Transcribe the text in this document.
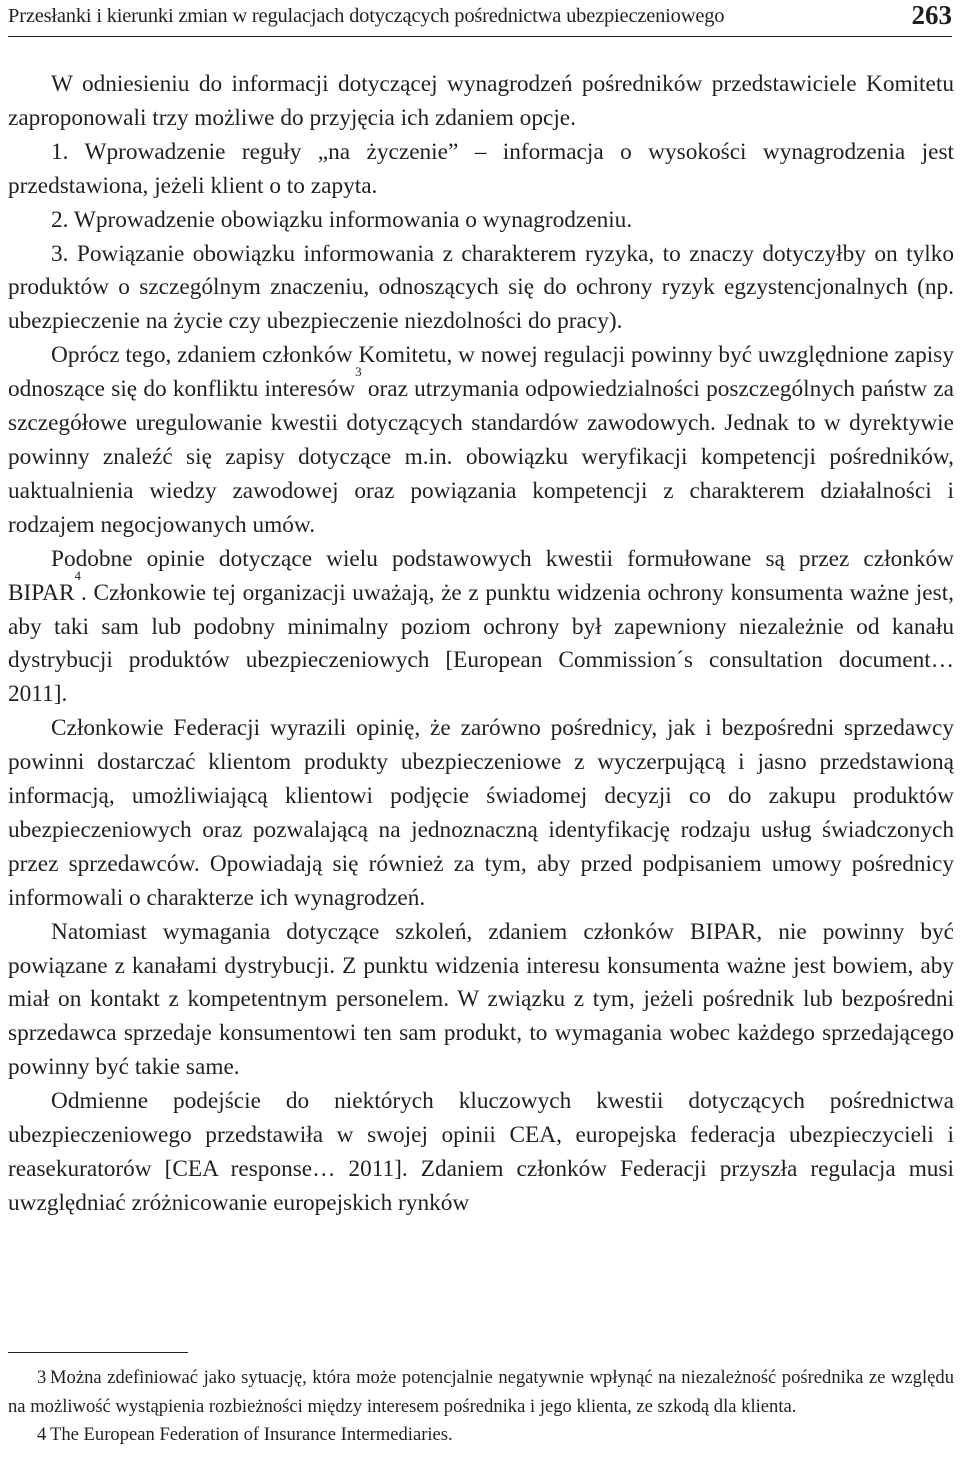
Przesłanki i kierunki zmian w regulacjach dotyczących pośrednictwa ubezpieczeniowego	263

W odniesieniu do informacji dotyczącej wynagrodzeń pośredników przedstawiciele Komitetu zaproponowali trzy możliwe do przyjęcia ich zdaniem opcje.

1. Wprowadzenie reguły „na życzenie” – informacja o wysokości wynagrodzenia jest przedstawiona, jeżeli klient o to zapyta.

2. Wprowadzenie obowiązku informowania o wynagrodzeniu.

3. Powiązanie obowiązku informowania z charakterem ryzyka, to znaczy dotyczyłby on tylko produktów o szczególnym znaczeniu, odnoszących się do ochrony ryzyk egzystencjonalnych (np. ubezpieczenie na życie czy ubezpieczenie niezdolności do pracy).

Oprócz tego, zdaniem członków Komitetu, w nowej regulacji powinny być uwzględnione zapisy odnoszące się do konfliktu interesów$^3$ oraz utrzymania odpowiedzialności poszczególnych państw za szczegółowe uregulowanie kwestii dotyczących standardów zawodowych. Jednak to w dyrektywie powinny znaleźć się zapisy dotyczące m.in. obowiązku weryfikacji kompetencji pośredników, uaktualnienia wiedzy zawodowej oraz powiązania kompetencji z charakterem działalności i rodzajem negocjowanych umów.

Podobne opinie dotyczące wielu podstawowych kwestii formułowane są przez członków BIPAR$^4$. Członkowie tej organizacji uważają, że z punktu widzenia ochrony konsumenta ważne jest, aby taki sam lub podobny minimalny poziom ochrony był zapewniony niezależnie od kanału dystrybucji produktów ubezpieczeniowych [European Commission´s consultation document… 2011].

Członkowie Federacji wyrazili opinię, że zarówno pośrednicy, jak i bezpośredni sprzedawcy powinni dostarczać klientom produkty ubezpieczeniowe z wyczerpującą i jasno przedstawioną informacją, umożliwiającą klientowi podjęcie świadomej decyzji co do zakupu produktów ubezpieczeniowych oraz pozwalającą na jednoznaczną identyfikację rodzaju usług świadczonych przez sprzedawców. Opowiadają się również za tym, aby przed podpisaniem umowy pośrednicy informowali o charakterze ich wynagrodzeń.

Natomiast wymagania dotyczące szkoleń, zdaniem członków BIPAR, nie powinny być powiązane z kanałami dystrybucji. Z punktu widzenia interesu konsumenta ważne jest bowiem, aby miał on kontakt z kompetentnym personelem. W związku z tym, jeżeli pośrednik lub bezpośredni sprzedawca sprzedaje konsumentowi ten sam produkt, to wymagania wobec każdego sprzedającego powinny być takie same.

Odmienne podejście do niektórych kluczowych kwestii dotyczących pośrednictwa ubezpieczeniowego przedstawiła w swojej opinii CEA, europejska federacja ubezpieczycieli i reasekuratorów [CEA response… 2011]. Zdaniem członków Federacji przyszła regulacja musi uwzględniać zróżnicowanie europejskich rynków

3 Można zdefiniować jako sytuację, która może potencjalnie negatywnie wpłynąć na niezależność pośrednika ze względu na możliwość wystąpienia rozbieżności między interesem pośrednika i jego klienta, ze szkodą dla klienta.

4 The European Federation of Insurance Intermediaries.
